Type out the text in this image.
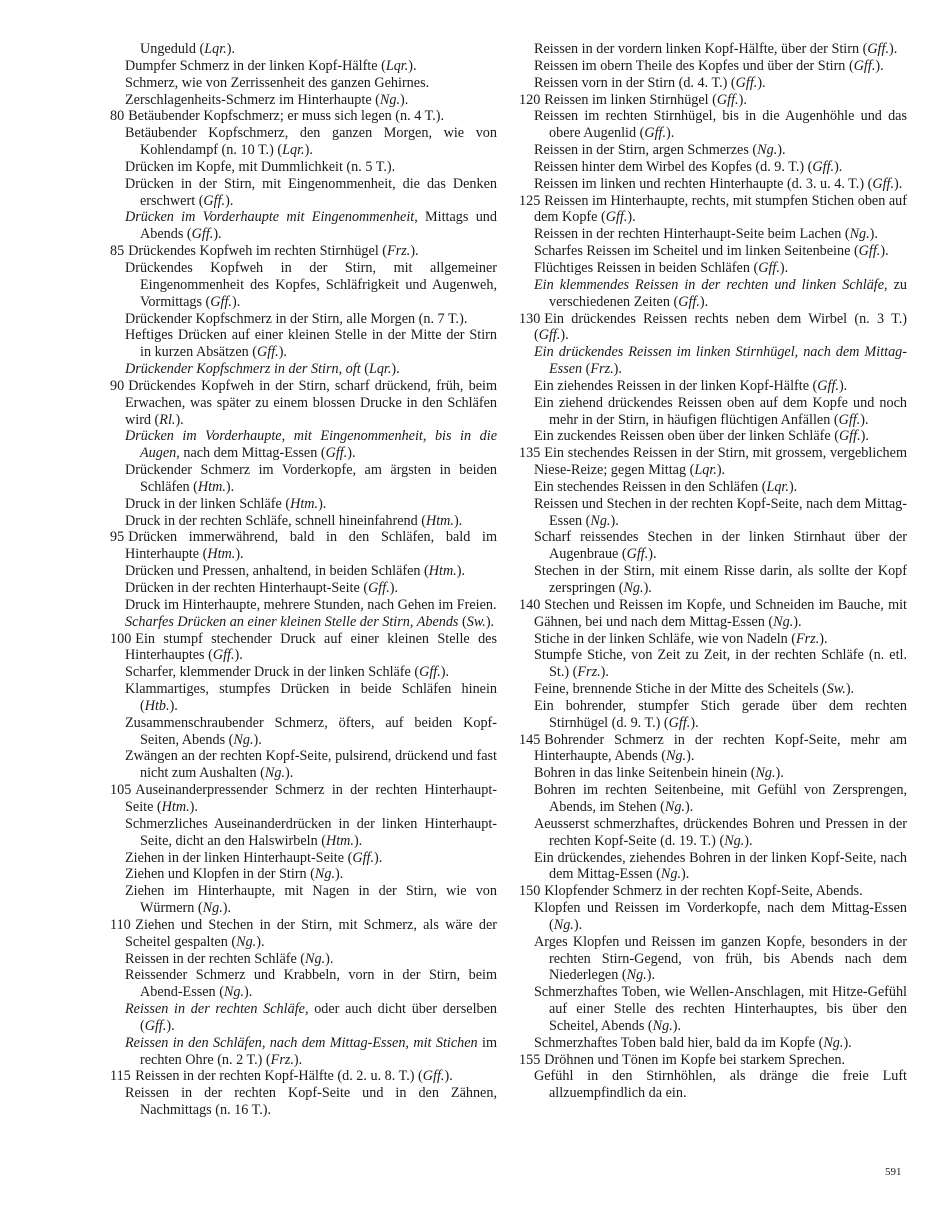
Ungeduld (Lqr.).

Dumpfer Schmerz in der linken Kopf-Hälfte (Lqr.).

Schmerz, wie von Zerrissenheit des ganzen Gehirnes.

Zerschlagenheits-Schmerz im Hinterhaupte (Ng.).

80 Betäubender Kopfschmerz; er muss sich legen (n. 4 T.).

Betäubender Kopfschmerz, den ganzen Morgen, wie von Kohlendampf (n. 10 T.) (Lqr.).

Drücken im Kopfe, mit Dummlichkeit (n. 5 T.).

Drücken in der Stirn, mit Eingenommenheit, die das Denken erschwert (Gff.).

Drücken im Vorderhaupte mit Eingenommenheit, Mittags und Abends (Gff.).

85 Drückendes Kopfweh im rechten Stirnhügel (Frz.).

Drückendes Kopfweh in der Stirn, mit allgemeiner Eingenommenheit des Kopfes, Schläfrigkeit und Augenweh, Vormittags (Gff.).

Drückender Kopfschmerz in der Stirn, alle Morgen (n. 7 T.).

Heftiges Drücken auf einer kleinen Stelle in der Mitte der Stirn in kurzen Absätzen (Gff.).

Drückender Kopfschmerz in der Stirn, oft (Lqr.).

90 Drückendes Kopfweh in der Stirn, scharf drückend, früh, beim Erwachen, was später zu einem blossen Drucke in den Schläfen wird (Rl.).

Drücken im Vorderhaupte, mit Eingenommenheit, bis in die Augen, nach dem Mittag-Essen (Gff.).

Drückender Schmerz im Vorderkopfe, am ärgsten in beiden Schläfen (Htm.).

Druck in der linken Schläfe (Htm.).

Druck in der rechten Schläfe, schnell hineinfahrend (Htm.).

95 Drücken immerwährend, bald in den Schläfen, bald im Hinterhaupte (Htm.).

Drücken und Pressen, anhaltend, in beiden Schläfen (Htm.).

Drücken in der rechten Hinterhaupt-Seite (Gff.).

Druck im Hinterhaupte, mehrere Stunden, nach Gehen im Freien.

Scharfes Drücken an einer kleinen Stelle der Stirn, Abends (Sw.).

100 Ein stumpf stechender Druck auf einer kleinen Stelle des Hinterhauptes (Gff.).

Scharfer, klemmender Druck in der linken Schläfe (Gff.).

Klammartiges, stumpfes Drücken in beide Schläfen hinein (Htb.).

Zusammenschraubender Schmerz, öfters, auf beiden Kopf-Seiten, Abends (Ng.).

Zwängen an der rechten Kopf-Seite, pulsirend, drückend und fast nicht zum Aushalten (Ng.).

105 Auseinanderpressender Schmerz in der rechten Hinterhaupt-Seite (Htm.).

Schmerzliches Auseinanderdrücken in der linken Hinterhaupt-Seite, dicht an den Halswirbeln (Htm.).

Ziehen in der linken Hinterhaupt-Seite (Gff.).

Ziehen und Klopfen in der Stirn (Ng.).

Ziehen im Hinterhaupte, mit Nagen in der Stirn, wie von Würmern (Ng.).

110 Ziehen und Stechen in der Stirn, mit Schmerz, als wäre der Scheitel gespalten (Ng.).

Reissen in der rechten Schläfe (Ng.).

Reissender Schmerz und Krabbeln, vorn in der Stirn, beim Abend-Essen (Ng.).

Reissen in der rechten Schläfe, oder auch dicht über derselben (Gff.).

Reissen in den Schläfen, nach dem Mittag-Essen, mit Stichen im rechten Ohre (n. 2 T.) (Frz.).

115 Reissen in der rechten Kopf-Hälfte (d. 2. u. 8. T.) (Gff.).

Reissen in der rechten Kopf-Seite und in den Zähnen, Nachmittags (n. 16 T.).

Reissen in der vordern linken Kopf-Hälfte, über der Stirn (Gff.).

Reissen im obern Theile des Kopfes und über der Stirn (Gff.).

Reissen vorn in der Stirn (d. 4. T.) (Gff.).

120 Reissen im linken Stirnhügel (Gff.).

Reissen im rechten Stirnhügel, bis in die Augenhöhle und das obere Augenlid (Gff.).

Reissen in der Stirn, argen Schmerzes (Ng.).

Reissen hinter dem Wirbel des Kopfes (d. 9. T.) (Gff.).

Reissen im linken und rechten Hinterhaupte (d. 3. u. 4. T.) (Gff.).

125 Reissen im Hinterhaupte, rechts, mit stumpfen Stichen oben auf dem Kopfe (Gff.).

Reissen in der rechten Hinterhaupt-Seite beim Lachen (Ng.).

Scharfes Reissen im Scheitel und im linken Seitenbeine (Gff.).

Flüchtiges Reissen in beiden Schläfen (Gff.).

Ein klemmendes Reissen in der rechten und linken Schläfe, zu verschiedenen Zeiten (Gff.).

130 Ein drückendes Reissen rechts neben dem Wirbel (n. 3 T.) (Gff.).

Ein drückendes Reissen im linken Stirnhügel, nach dem Mittag-Essen (Frz.).

Ein ziehendes Reissen in der linken Kopf-Hälfte (Gff.).

Ein ziehend drückendes Reissen oben auf dem Kopfe und noch mehr in der Stirn, in häufigen flüchtigen Anfällen (Gff.).

Ein zuckendes Reissen oben über der linken Schläfe (Gff.).

135 Ein stechendes Reissen in der Stirn, mit grossem, vergeblichem Niese-Reize; gegen Mittag (Lqr.).

Ein stechendes Reissen in den Schläfen (Lqr.).

Reissen und Stechen in der rechten Kopf-Seite, nach dem Mittag-Essen (Ng.).

Scharf reissendes Stechen in der linken Stirnhaut über der Augenbraue (Gff.).

Stechen in der Stirn, mit einem Risse darin, als sollte der Kopf zerspringen (Ng.).

140 Stechen und Reissen im Kopfe, und Schneiden im Bauche, mit Gähnen, bei und nach dem Mittag-Essen (Ng.).

Stiche in der linken Schläfe, wie von Nadeln (Frz.).

Stumpfe Stiche, von Zeit zu Zeit, in der rechten Schläfe (n. etl. St.) (Frz.).

Feine, brennende Stiche in der Mitte des Scheitels (Sw.).

Ein bohrender, stumpfer Stich gerade über dem rechten Stirnhügel (d. 9. T.) (Gff.).

145 Bohrender Schmerz in der rechten Kopf-Seite, mehr am Hinterhaupte, Abends (Ng.).

Bohren in das linke Seitenbein hinein (Ng.).

Bohren im rechten Seitenbeine, mit Gefühl von Zersprengen, Abends, im Stehen (Ng.).

Aeusserst schmerzhaftes, drückendes Bohren und Pressen in der rechten Kopf-Seite (d. 19. T.) (Ng.).

Ein drückendes, ziehendes Bohren in der linken Kopf-Seite, nach dem Mittag-Essen (Ng.).

150 Klopfender Schmerz in der rechten Kopf-Seite, Abends.

Klopfen und Reissen im Vorderkopfe, nach dem Mittag-Essen (Ng.).

Arges Klopfen und Reissen im ganzen Kopfe, besonders in der rechten Stirn-Gegend, von früh, bis Abends nach dem Niederlegen (Ng.).

Schmerzhaftes Toben, wie Wellen-Anschlagen, mit Hitze-Gefühl auf einer Stelle des rechten Hinterhauptes, bis über den Scheitel, Abends (Ng.).

Schmerzhaftes Toben bald hier, bald da im Kopfe (Ng.).

155 Dröhnen und Tönen im Kopfe bei starkem Sprechen.

Gefühl in den Stirnhöhlen, als dränge die freie Luft allzuempfindlich da ein.

591
